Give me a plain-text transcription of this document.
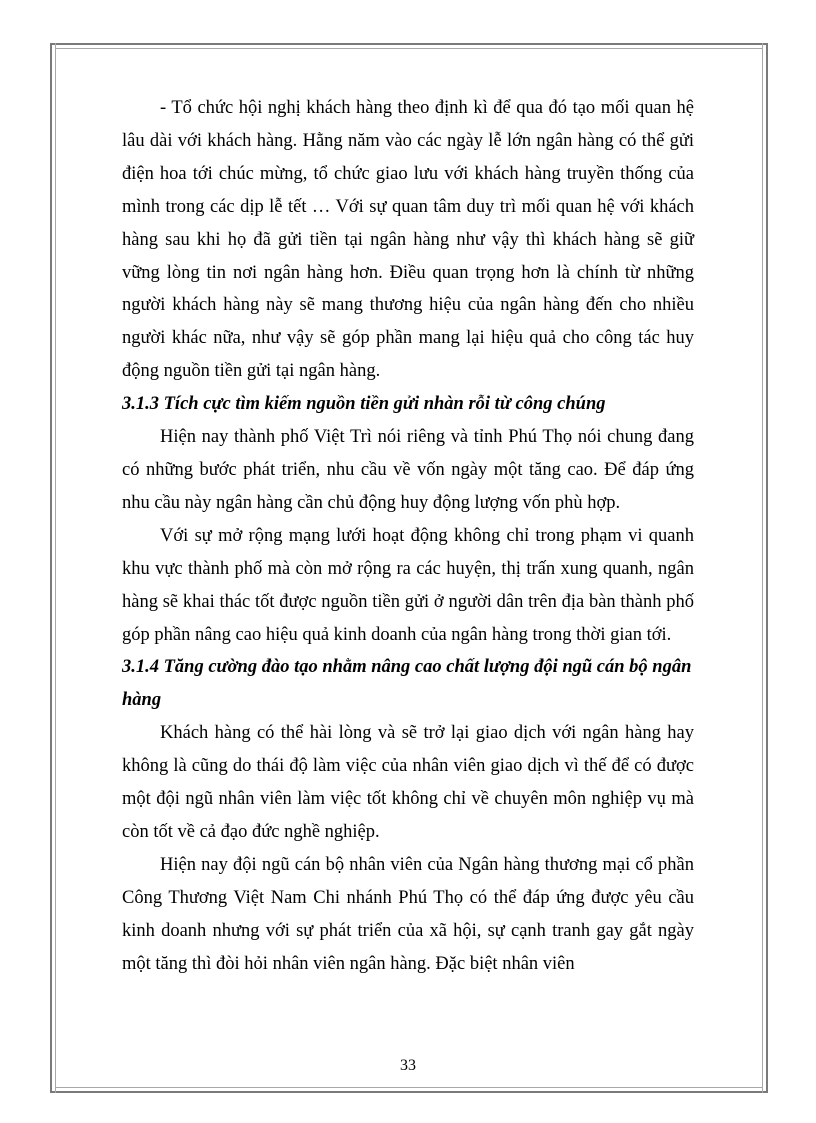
- Tổ chức hội nghị khách hàng theo định kì để qua đó tạo mối quan hệ lâu dài với khách hàng. Hằng năm vào các ngày lễ lớn ngân hàng có thể gửi điện hoa tới chúc mừng, tổ chức giao lưu với khách hàng truyền thống của mình trong các dịp lễ tết … Với sự quan tâm duy trì mối quan hệ với khách hàng sau khi họ đã gửi tiền tại ngân hàng như vậy thì khách hàng sẽ giữ vững lòng tin nơi ngân hàng hơn. Điều quan trọng hơn là chính từ những người khách hàng này sẽ mang thương hiệu của ngân hàng đến cho nhiều người khác nữa, như vậy sẽ góp phần mang lại hiệu quả cho công tác huy động nguồn tiền gửi tại ngân hàng.

3.1.3 Tích cực tìm kiếm nguồn tiền gửi nhàn rỗi từ công chúng

Hiện nay thành phố Việt Trì nói riêng và tỉnh Phú Thọ nói chung đang có những bước phát triển, nhu cầu về vốn ngày một tăng cao. Để đáp ứng nhu cầu này ngân hàng cần chủ động huy động lượng vốn phù hợp.

Với sự mở rộng mạng lưới hoạt động không chỉ trong phạm vi quanh khu vực thành phố mà còn mở rộng ra các huyện, thị trấn xung quanh, ngân hàng sẽ khai thác tốt được nguồn tiền gửi ở người dân trên địa bàn thành phố góp phần nâng cao hiệu quả kinh doanh của ngân hàng trong thời gian tới.

3.1.4 Tăng cường đào tạo nhằm nâng cao chất lượng đội ngũ cán bộ ngân hàng

Khách hàng có thể hài lòng và sẽ trở lại giao dịch với ngân hàng hay không là cũng do thái độ làm việc của nhân viên giao dịch vì thế để có được một đội ngũ nhân viên làm việc tốt không chỉ về chuyên môn nghiệp vụ mà còn tốt về cả đạo đức nghề nghiệp.

Hiện nay đội ngũ cán bộ nhân viên của Ngân hàng thương mại cổ phần Công Thương Việt Nam Chi nhánh Phú Thọ có thể đáp ứng được yêu cầu kinh doanh nhưng với sự phát triển của xã hội, sự cạnh tranh gay gắt ngày một tăng thì đòi hỏi nhân viên ngân hàng. Đặc biệt nhân viên

33
